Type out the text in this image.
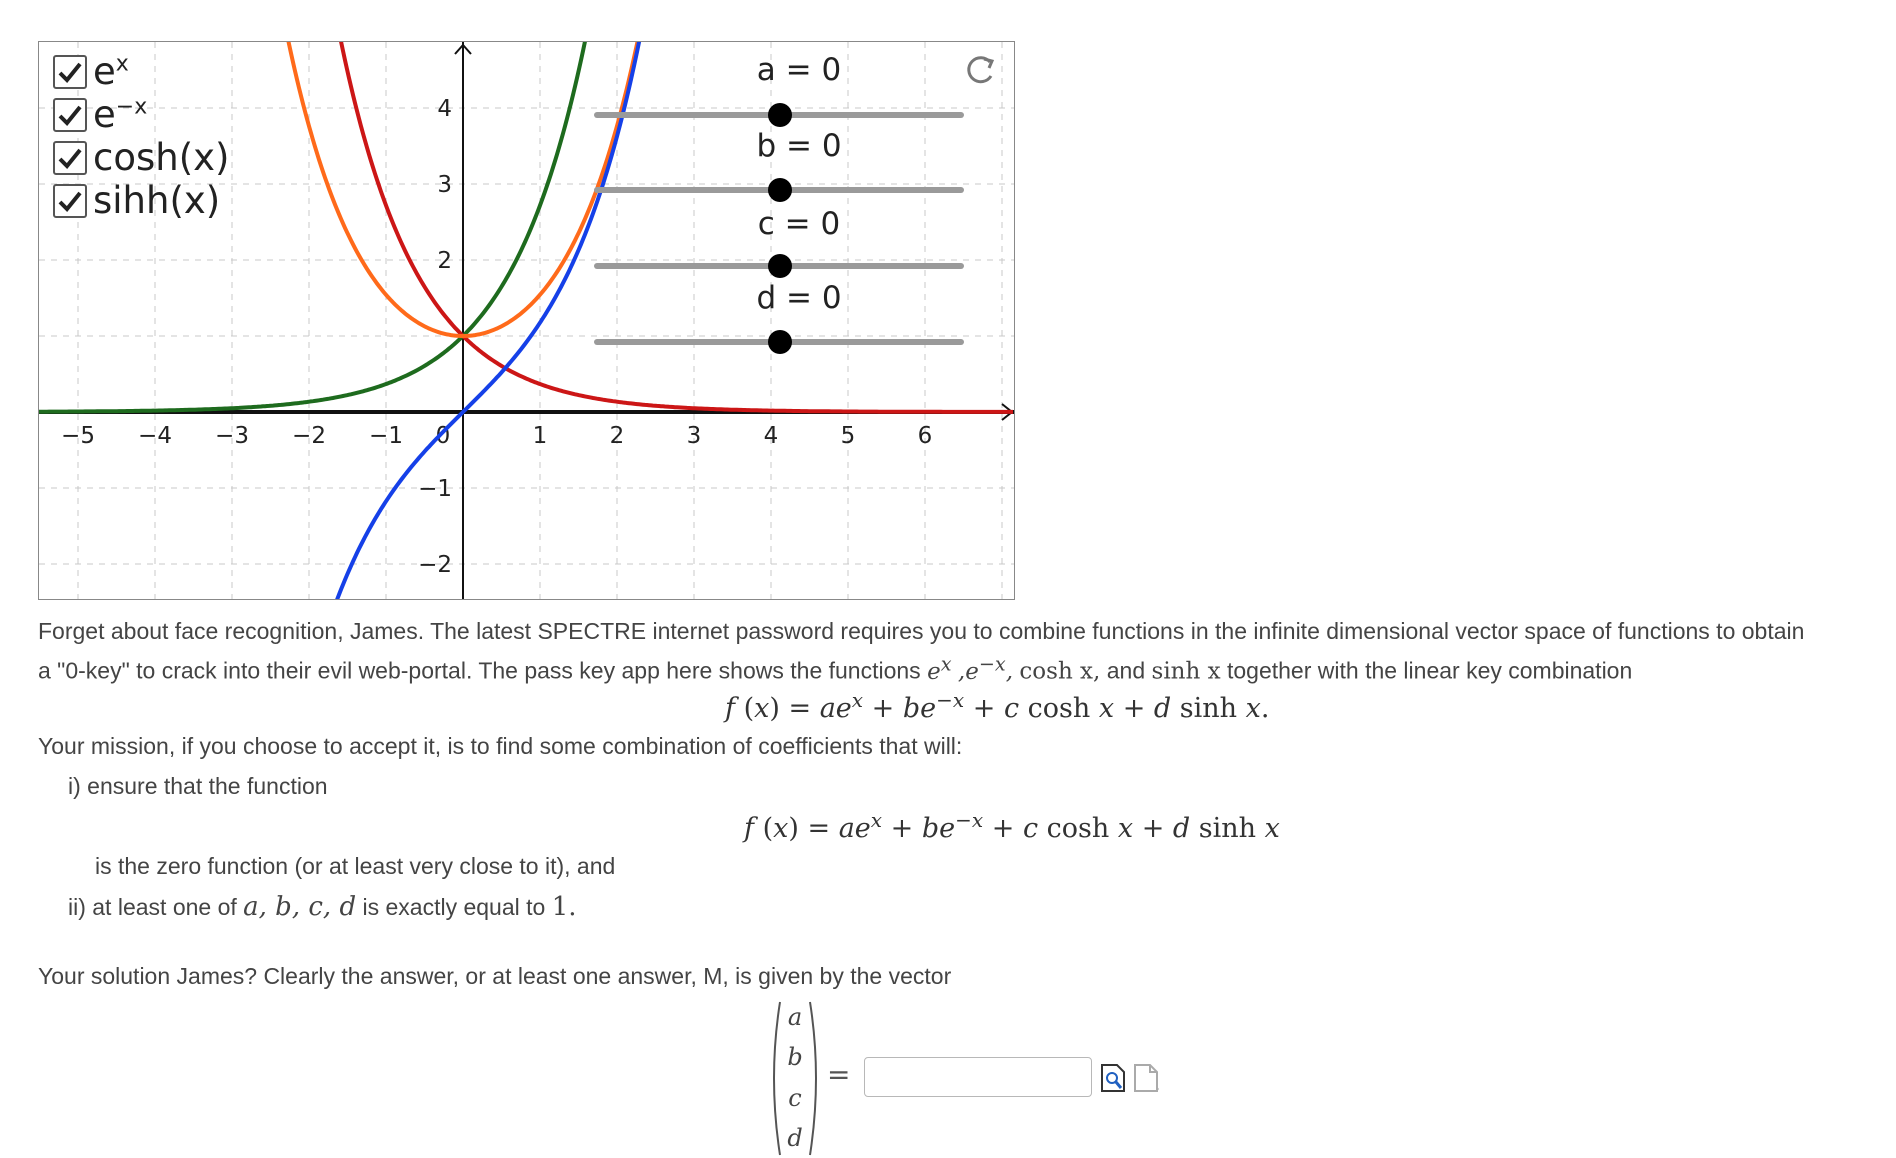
−5 −4 −3 −2 −1 0	1	2	3	4	5	6
4
3
2
−1
−2
$e^x$
$e^{-x}$
cosh(x)
sihh(x)
a = 0
b = 0
c = 0
d = 0
Forget about face recognition, James. The latest SPECTRE internet password requires you to combine functions in the infinite dimensional vector space of functions to obtain
a "0-key" to crack into their evil web-portal. The pass key app here shows the functions $e^x$ $,e^{-x}$, cosh x, and sinh x together with the linear key combination
f $(x) = ae^x + be^{-x} + c$ cosh x + d sinh x.
Your mission, if you choose to accept it, is to find some combination of coefficients that will:
i) ensure that the function
f $(x) = ae^x + be^{-x} + c$ cosh x + d sinh x
is the zero function (or at least very close to it), and
ii) at least one of a, b, c, d is exactly equal to 1.
Your solution James? Clearly the answer, or at least one answer, M, is given by the vector
a
b
c
d
=
